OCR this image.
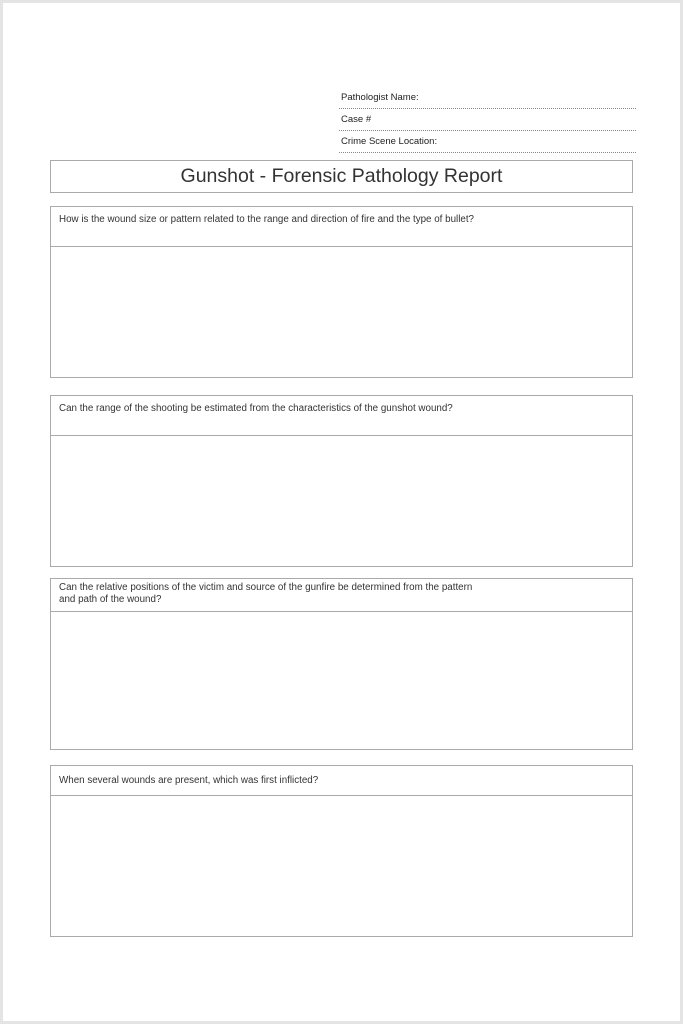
Pathologist Name:
Case #
Crime Scene Location:
Gunshot - Forensic Pathology Report
How is the wound size or pattern related to the range and direction of fire and the type of bullet?
Can the range of the shooting be estimated from the characteristics of the gunshot wound?
Can the relative positions of the victim and source of the gunfire be determined from the pattern and path of the wound?
When several wounds are present, which was first inflicted?
